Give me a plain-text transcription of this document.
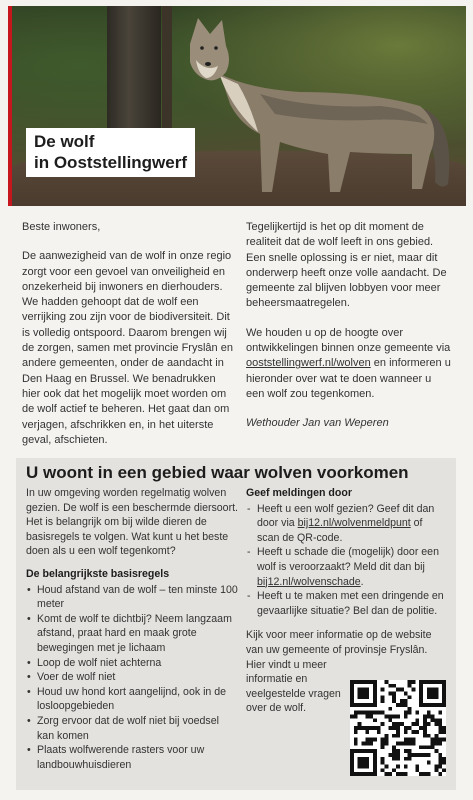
De wolf
in Ooststellingwerf

Beste inwoners,

De aanwezigheid van de wolf in onze regio zorgt voor een gevoel van onveiligheid en onzekerheid bij inwoners en dierhouders. We hadden gehoopt dat de wolf een verrijking zou zijn voor de biodiversiteit. Dit is volledig ontspoord. Daarom brengen wij de zorgen, samen met provincie Fryslân en andere gemeenten, onder de aandacht in Den Haag en Brussel. We benadrukken hier ook dat het mogelijk moet worden om de wolf actief te beheren. Het gaat dan om verjagen, afschrikken en, in het uiterste geval, afschieten.

Tegelijkertijd is het op dit moment de realiteit dat de wolf leeft in ons gebied.

Een snelle oplossing is er niet, maar dit onderwerp heeft onze volle aandacht. De gemeente zal blijven lobbyen voor meer beheersmaatregelen.

We houden u op de hoogte over ontwikkelingen binnen onze gemeente via ooststellingwerf.nl/wolven en informeren u hieronder over wat te doen wanneer u een wolf zou tegenkomen.

Wethouder Jan van Weperen

U woont in een gebied waar wolven voorkomen

In uw omgeving worden regelmatig wolven gezien. De wolf is een beschermde diersoort. Het is belangrijk om bij wilde dieren de basisregels te volgen. Wat kunt u het beste doen als u een wolf tegenkomt?

De belangrijkste basisregels
• Houd afstand van de wolf – ten minste 100 meter
• Komt de wolf te dichtbij? Neem langzaam afstand, praat hard en maak grote bewegingen met je lichaam
• Loop de wolf niet achterna
• Voer de wolf niet
• Houd uw hond kort aangelijnd, ook in de losloopgebieden
• Zorg ervoor dat de wolf niet bij voedsel kan komen
• Plaats wolfwerende rasters voor uw landbouwhuisdieren
Geef meldingen door
- Heeft u een wolf gezien? Geef dit dan door via bij12.nl/wolvenmeldpunt of scan de QR-code.
- Heeft u schade die (mogelijk) door een wolf is veroorzaakt? Meld dit dan bij bij12.nl/wolvenschade.
- Heeft u te maken met een dringende en gevaarlijke situatie? Bel dan de politie.

Kijk voor meer informatie op de website van uw gemeente of provinsje Fryslân.

Hier vindt u meer informatie en veelgestelde vragen over de wolf.
